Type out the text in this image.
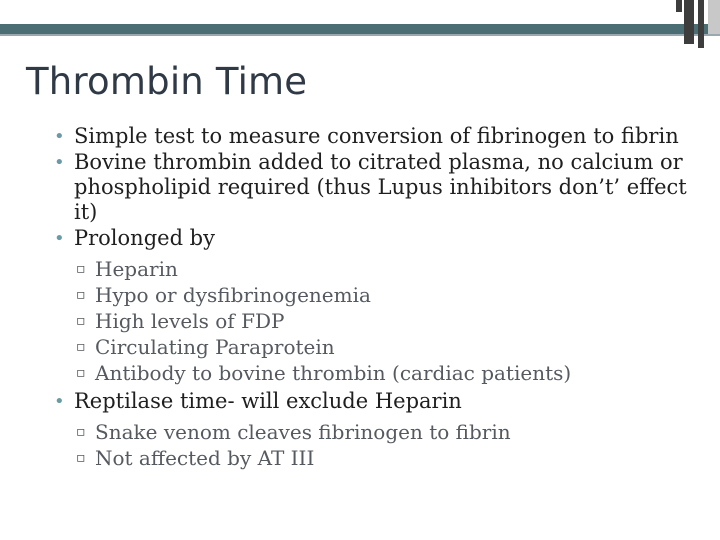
Thrombin Time
• Simple test to measure conversion of fibrinogen to fibrin
• Bovine thrombin added to citrated plasma, no calcium or phospholipid required (thus Lupus inhibitors don’t’ effect it)
• Prolonged by
▫ Heparin
▫ Hypo or dysfibrinogenemia
▫ High levels of FDP
▫ Circulating Paraprotein
▫ Antibody to bovine thrombin (cardiac patients)
• Reptilase time- will exclude Heparin
▫ Snake venom cleaves fibrinogen to fibrin
▫ Not affected by AT III
